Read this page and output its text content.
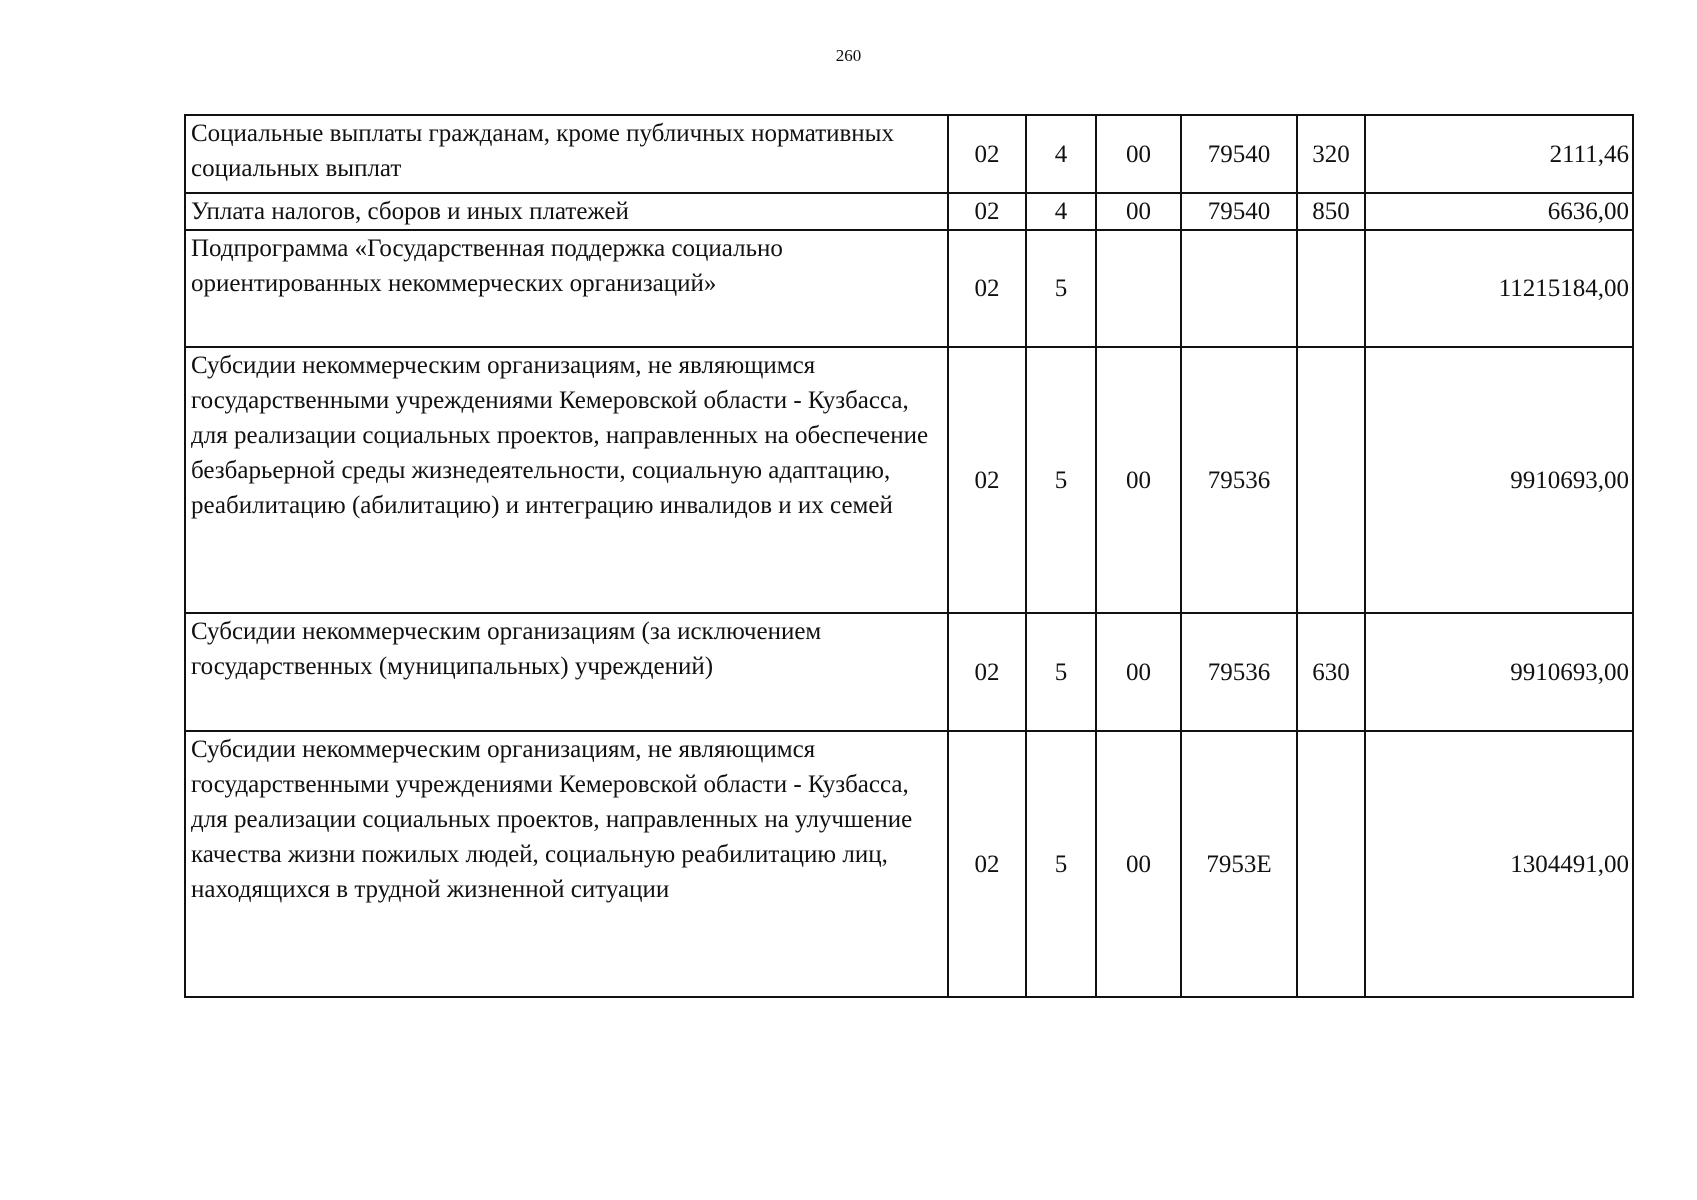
260
Социальные выплаты гражданам, кроме публичных нормативных социальных выплат	02	4	00	79540	320	2111,46
Уплата налогов, сборов и иных платежей	02	4	00	79540	850	6636,00
Подпрограмма «Государственная поддержка социально ориентированных некоммерческих организаций»	02	5				11215184,00
Субсидии некоммерческим организациям, не являющимся государственными учреждениями Кемеровской области - Кузбасса, для реализации социальных проектов, направленных на обеспечение безбарьерной среды жизнедеятельности, социальную адаптацию, реабилитацию (абилитацию) и интеграцию инвалидов и их семей	02	5	00	79536		9910693,00
Субсидии некоммерческим организациям (за исключением государственных (муниципальных) учреждений)	02	5	00	79536	630	9910693,00
Субсидии некоммерческим организациям, не являющимся государственными учреждениями Кемеровской области - Кузбасса, для реализации социальных проектов, направленных на улучшение качества жизни пожилых людей, социальную реабилитацию лиц, находящихся в трудной жизненной ситуации	02	5	00	7953E		1304491,00
